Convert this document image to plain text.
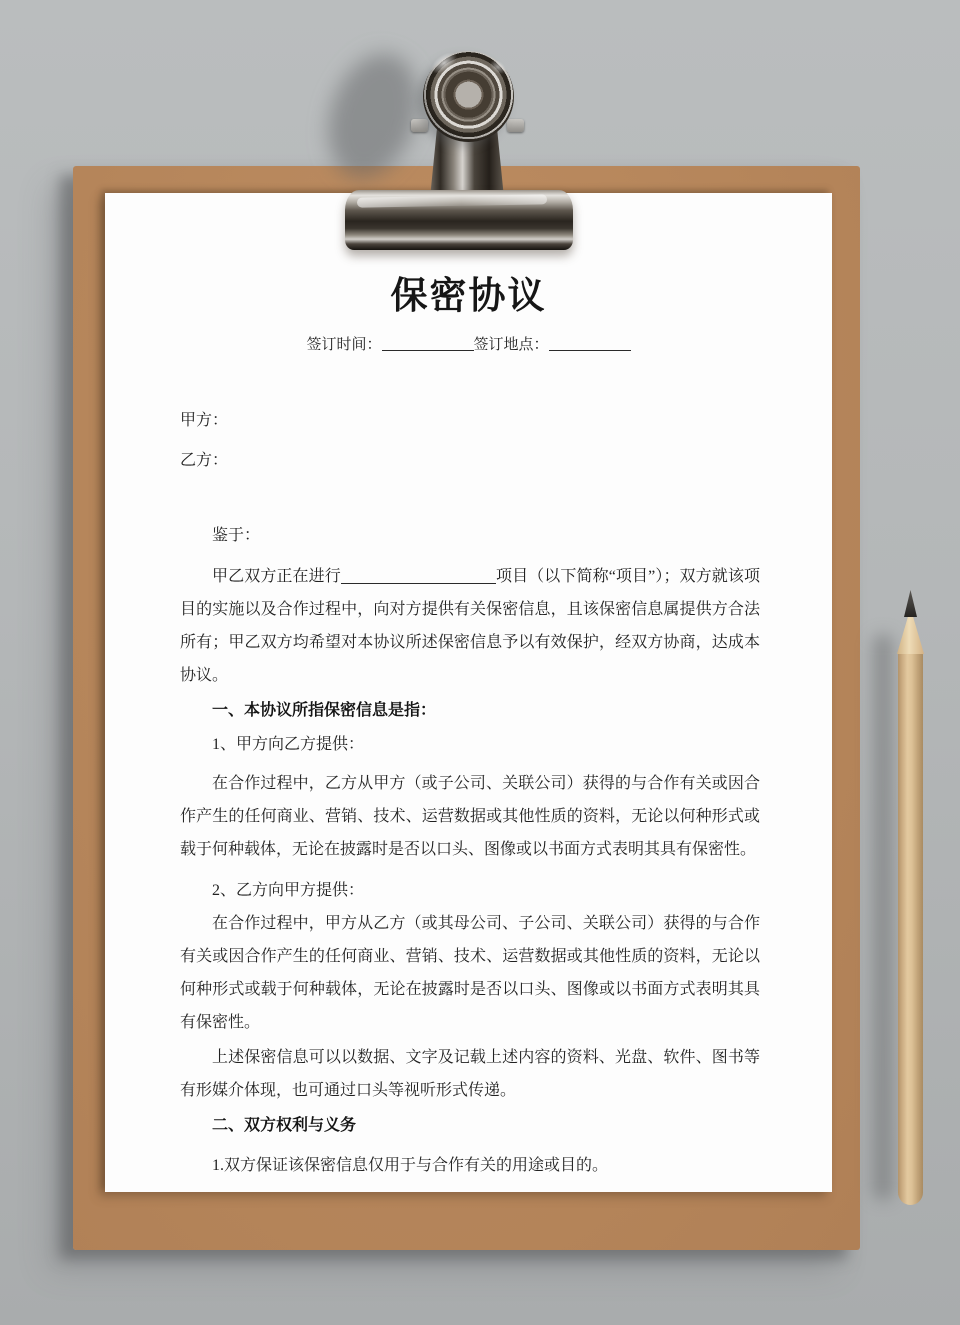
保密协议
签订时间：	签订地点：

甲方：

乙方：

鉴于：

甲乙双方正在进行	项目（以下简称“项目”）；双方就该项目的实施以及合作过程中，向对方提供有关保密信息，且该保密信息属提供方合法所有；甲乙双方均希望对本协议所述保密信息予以有效保护，经双方协商，达成本协议。

一、本协议所指保密信息是指：

1、甲方向乙方提供：

在合作过程中，乙方从甲方（或子公司、关联公司）获得的与合作有关或因合作产生的任何商业、营销、技术、运营数据或其他性质的资料，无论以何种形式或载于何种载体，无论在披露时是否以口头、图像或以书面方式表明其具有保密性。

2、乙方向甲方提供：

在合作过程中，甲方从乙方（或其母公司、子公司、关联公司）获得的与合作有关或因合作产生的任何商业、营销、技术、运营数据或其他性质的资料，无论以何种形式或载于何种载体，无论在披露时是否以口头、图像或以书面方式表明其具有保密性。

上述保密信息可以以数据、文字及记载上述内容的资料、光盘、软件、图书等有形媒介体现，也可通过口头等视听形式传递。

二、双方权利与义务

1.双方保证该保密信息仅用于与合作有关的用途或目的。
